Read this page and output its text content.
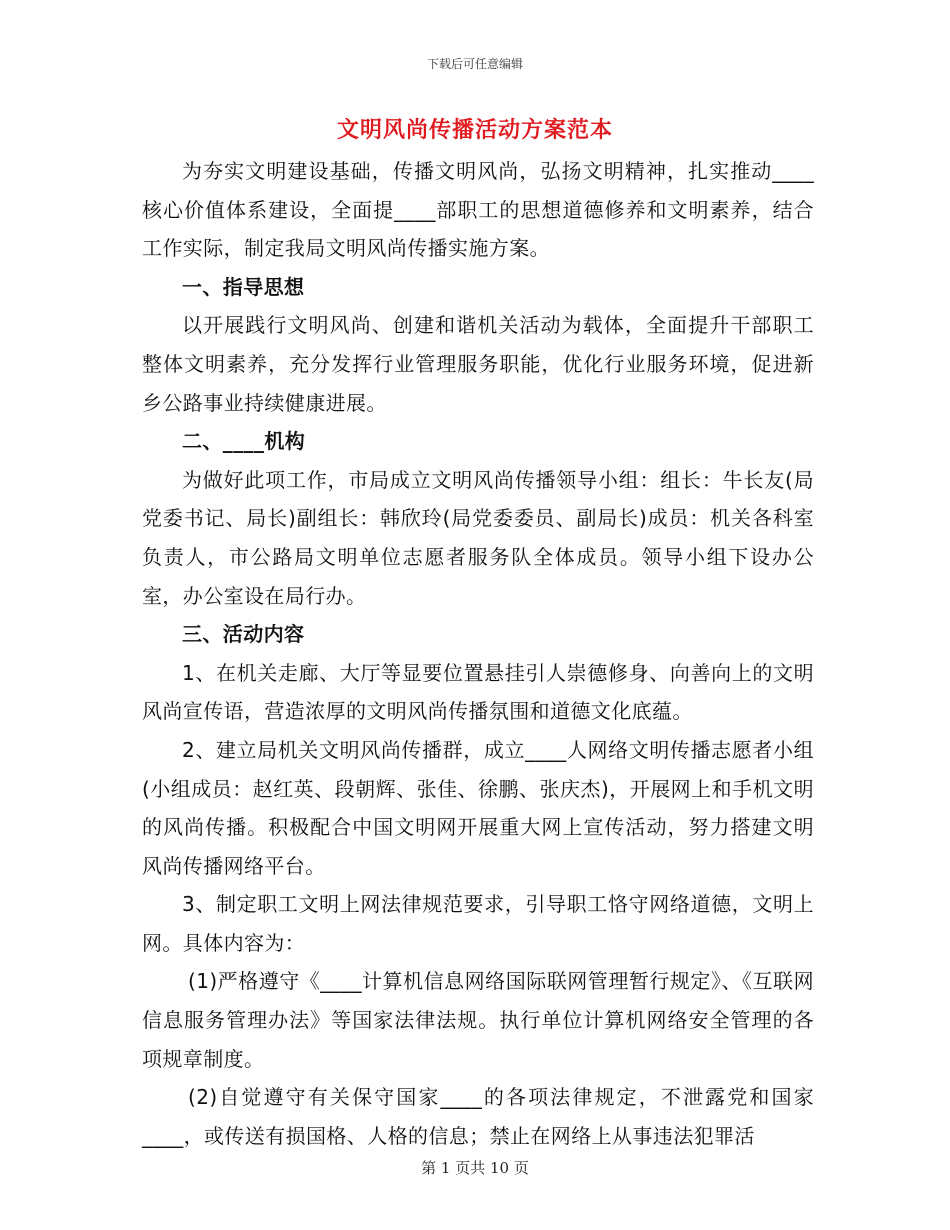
下载后可任意编辑
文明风尚传播活动方案范本

为夯实文明建设基础，传播文明风尚，弘扬文明精神，扎实推动____核心价值体系建设，全面提____部职工的思想道德修养和文明素养，结合工作实际，制定我局文明风尚传播实施方案。

一、指导思想

以开展践行文明风尚、创建和谐机关活动为载体，全面提升干部职工整体文明素养，充分发挥行业管理服务职能，优化行业服务环境，促进新乡公路事业持续健康进展。

二、____机构

为做好此项工作，市局成立文明风尚传播领导小组：组长：牛长友(局党委书记、局长)副组长：韩欣玲(局党委委员、副局长)成员：机关各科室负责人，市公路局文明单位志愿者服务队全体成员。领导小组下设办公室，办公室设在局行办。

三、活动内容

1、在机关走廊、大厅等显要位置悬挂引人崇德修身、向善向上的文明风尚宣传语，营造浓厚的文明风尚传播氛围和道德文化底蕴。

2、建立局机关文明风尚传播群，成立____人网络文明传播志愿者小组(小组成员：赵红英、段朝辉、张佳、徐鹏、张庆杰)，开展网上和手机文明的风尚传播。积极配合中国文明网开展重大网上宣传活动，努力搭建文明风尚传播网络平台。

3、制定职工文明上网法律规范要求，引导职工恪守网络道德，文明上网。具体内容为：

(1)严格遵守《____计算机信息网络国际联网管理暂行规定》、《互联网信息服务管理办法》等国家法律法规。执行单位计算机网络安全管理的各项规章制度。

(2)自觉遵守有关保守国家____的各项法律规定，不泄露党和国家____，或传送有损国格、人格的信息；禁止在网络上从事违法犯罪活

第 1 页共 10 页
